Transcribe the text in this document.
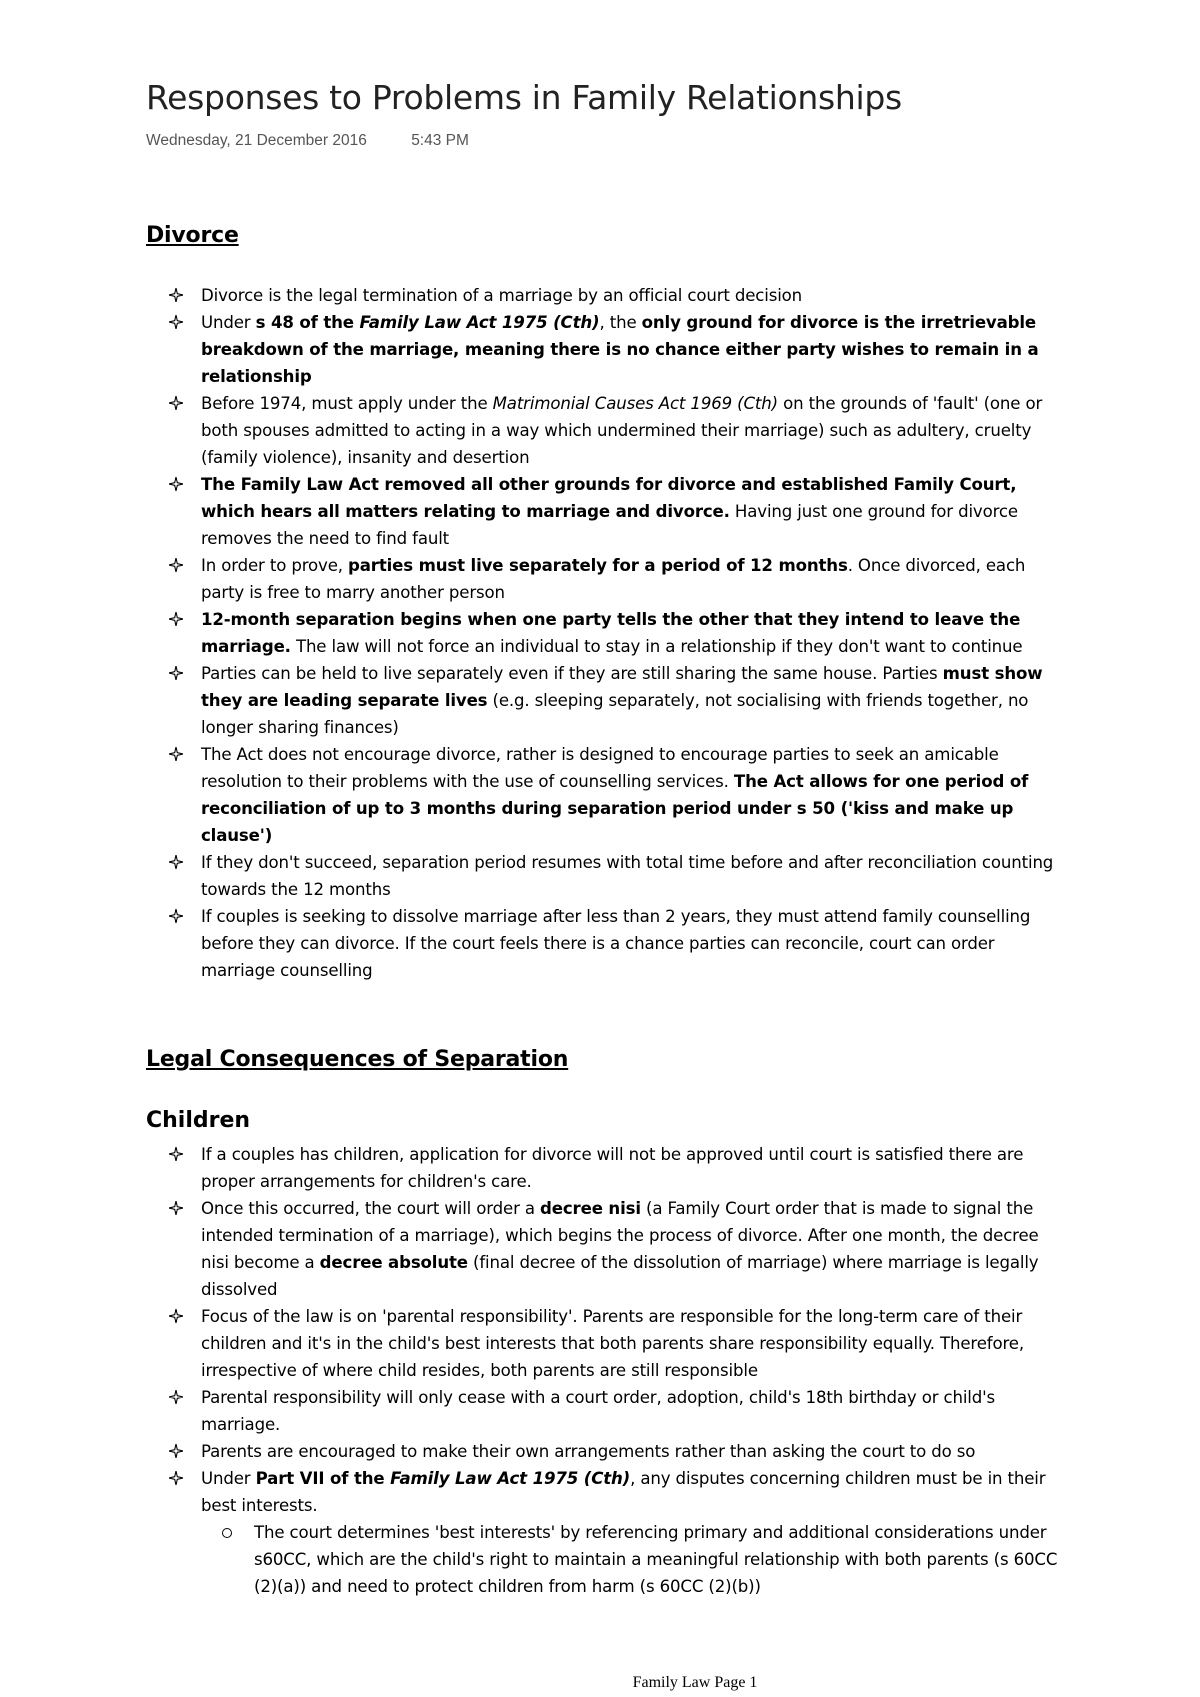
Responses to Problems in Family Relationships
Wednesday, 21 December 2016	5:43 PM
Divorce
Divorce is the legal termination of a marriage by an official court decision
Under s 48 of the Family Law Act 1975 (Cth), the only ground for divorce is the irretrievable breakdown of the marriage, meaning there is no chance either party wishes to remain in a relationship
Before 1974, must apply under the Matrimonial Causes Act 1969 (Cth) on the grounds of 'fault' (one or both spouses admitted to acting in a way which undermined their marriage) such as adultery, cruelty (family violence), insanity and desertion
The Family Law Act removed all other grounds for divorce and established Family Court, which hears all matters relating to marriage and divorce. Having just one ground for divorce removes the need to find fault
In order to prove, parties must live separately for a period of 12 months. Once divorced, each party is free to marry another person
12-month separation begins when one party tells the other that they intend to leave the marriage. The law will not force an individual to stay in a relationship if they don't want to continue
Parties can be held to live separately even if they are still sharing the same house. Parties must show they are leading separate lives (e.g. sleeping separately, not socialising with friends together, no longer sharing finances)
The Act does not encourage divorce, rather is designed to encourage parties to seek an amicable resolution to their problems with the use of counselling services. The Act allows for one period of reconciliation of up to 3 months during separation period under s 50 ('kiss and make up clause')
If they don't succeed, separation period resumes with total time before and after reconciliation counting towards the 12 months
If couples is seeking to dissolve marriage after less than 2 years, they must attend family counselling before they can divorce. If the court feels there is a chance parties can reconcile, court can order marriage counselling
Legal Consequences of Separation
Children
If a couples has children, application for divorce will not be approved until court is satisfied there are proper arrangements for children's care.
Once this occurred, the court will order a decree nisi (a Family Court order that is made to signal the intended termination of a marriage), which begins the process of divorce. After one month, the decree nisi become a decree absolute (final decree of the dissolution of marriage) where marriage is legally dissolved
Focus of the law is on 'parental responsibility'. Parents are responsible for the long-term care of their children and it's in the child's best interests that both parents share responsibility equally. Therefore, irrespective of where child resides, both parents are still responsible
Parental responsibility will only cease with a court order, adoption, child's 18th birthday or child's marriage.
Parents are encouraged to make their own arrangements rather than asking the court to do so
Under Part VII of the Family Law Act 1975 (Cth), any disputes concerning children must be in their best interests.
The court determines 'best interests' by referencing primary and additional considerations under s60CC, which are the child's right to maintain a meaningful relationship with both parents (s 60CC (2)(a)) and need to protect children from harm (s 60CC (2)(b))
Family Law Page 1
